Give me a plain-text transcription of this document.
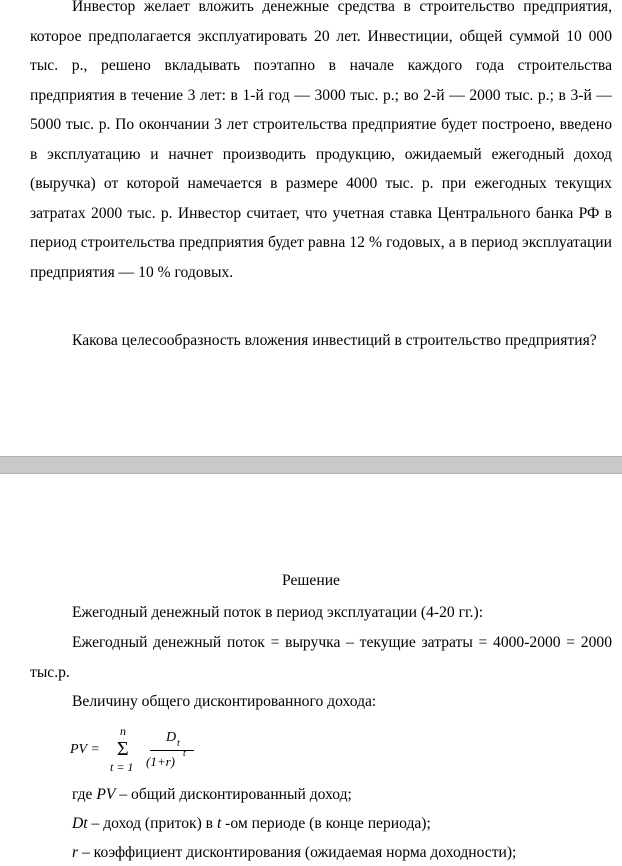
Инвестор желает вложить денежные средства в строительство предприятия, которое предполагается эксплуатировать 20 лет. Инвестиции, общей суммой 10 000 тыс. р., решено вкладывать поэтапно в начале каждого года строительства предприятия в течение 3 лет: в 1-й год — 3000 тыс. р.; во 2-й — 2000 тыс. р.; в 3-й — 5000 тыс. р. По окончании 3 лет строительства предприятие будет построено, введено в эксплуатацию и начнет производить продукцию, ожидаемый ежегодный доход (выручка) от которой намечается в размере 4000 тыс. р. при ежегодных текущих затратах 2000 тыс. р. Инвестор считает, что учетная ставка Центрального банка РФ в период строительства предприятия будет равна 12 % годовых, а в период эксплуатации предприятия — 10 % годовых.

Какова целесообразность вложения инвестиций в строительство предприятия?

Решение

Ежегодный денежный поток в период эксплуатации (4-20 гг.):

Ежегодный денежный поток = выручка – текущие затраты = 4000-2000 = 2000 тыс.р.

Величину общего дисконтированного дохода:

PV =
n
Σ
t = 1
D t
(1+r)
t

где PV – общий дисконтированный доход;

Dt – доход (приток) в t -ом периоде (в конце периода);

r – коэффициент дисконтирования (ожидаемая норма доходности);
